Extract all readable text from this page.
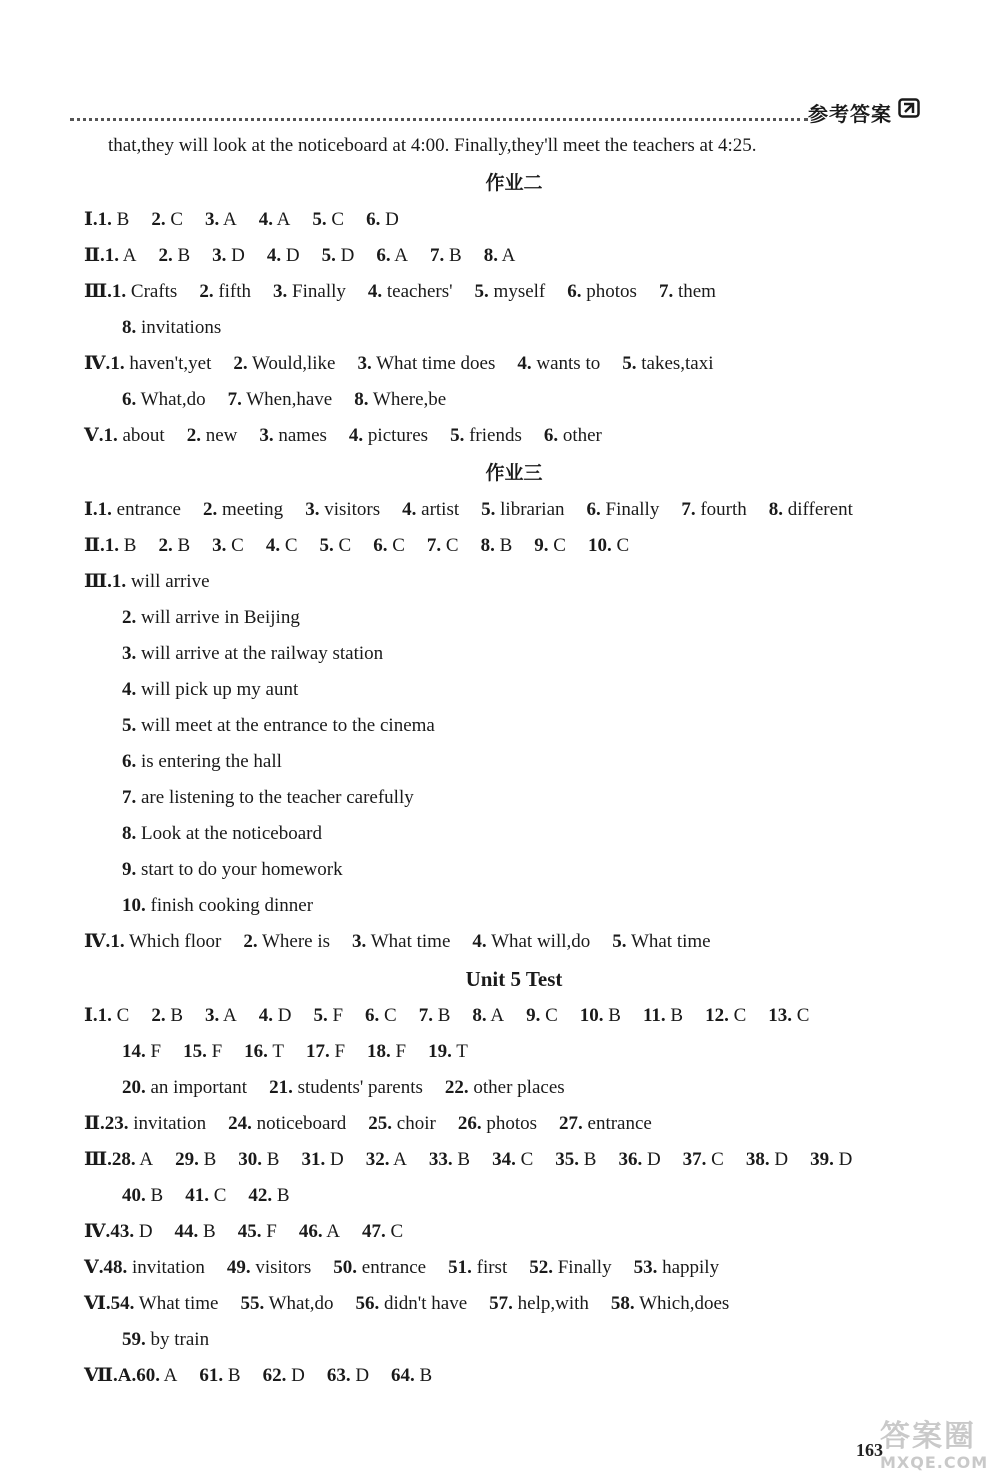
参考答案
that,they will look at the noticeboard at 4:00. Finally,they'll meet the teachers at 4:25.
作业二
Ⅰ.1. B 2. C 3. A 4. A 5. C 6. D
Ⅱ.1. A 2. B 3. D 4. D 5. D 6. A 7. B 8. A
Ⅲ.1. Crafts 2. fifth 3. Finally 4. teachers' 5. myself 6. photos 7. them
8. invitations
Ⅳ.1. haven't,yet 2. Would,like 3. What time does 4. wants to 5. takes,taxi
6. What,do 7. When,have 8. Where,be
Ⅴ.1. about 2. new 3. names 4. pictures 5. friends 6. other
作业三
Ⅰ.1. entrance 2. meeting 3. visitors 4. artist 5. librarian 6. Finally 7. fourth 8. different
Ⅱ.1. B 2. B 3. C 4. C 5. C 6. C 7. C 8. B 9. C 10. C
Ⅲ.1. will arrive
2. will arrive in Beijing
3. will arrive at the railway station
4. will pick up my aunt
5. will meet at the entrance to the cinema
6. is entering the hall
7. are listening to the teacher carefully
8. Look at the noticeboard
9. start to do your homework
10. finish cooking dinner
Ⅳ.1. Which floor 2. Where is 3. What time 4. What will,do 5. What time
Unit 5 Test
Ⅰ.1. C 2. B 3. A 4. D 5. F 6. C 7. B 8. A 9. C 10. B 11. B 12. C 13. C
14. F 15. F 16. T 17. F 18. F 19. T
20. an important 21. students' parents 22. other places
Ⅱ.23. invitation 24. noticeboard 25. choir 26. photos 27. entrance
Ⅲ.28. A 29. B 30. B 31. D 32. A 33. B 34. C 35. B 36. D 37. C 38. D 39. D
40. B 41. C 42. B
Ⅳ.43. D 44. B 45. F 46. A 47. C
Ⅴ.48. invitation 49. visitors 50. entrance 51. first 52. Finally 53. happily
Ⅵ.54. What time 55. What,do 56. didn't have 57. help,with 58. Which,does
59. by train
Ⅶ.A.60. A 61. B 62. D 63. D 64. B
163
答案圈
MXQE.COM
